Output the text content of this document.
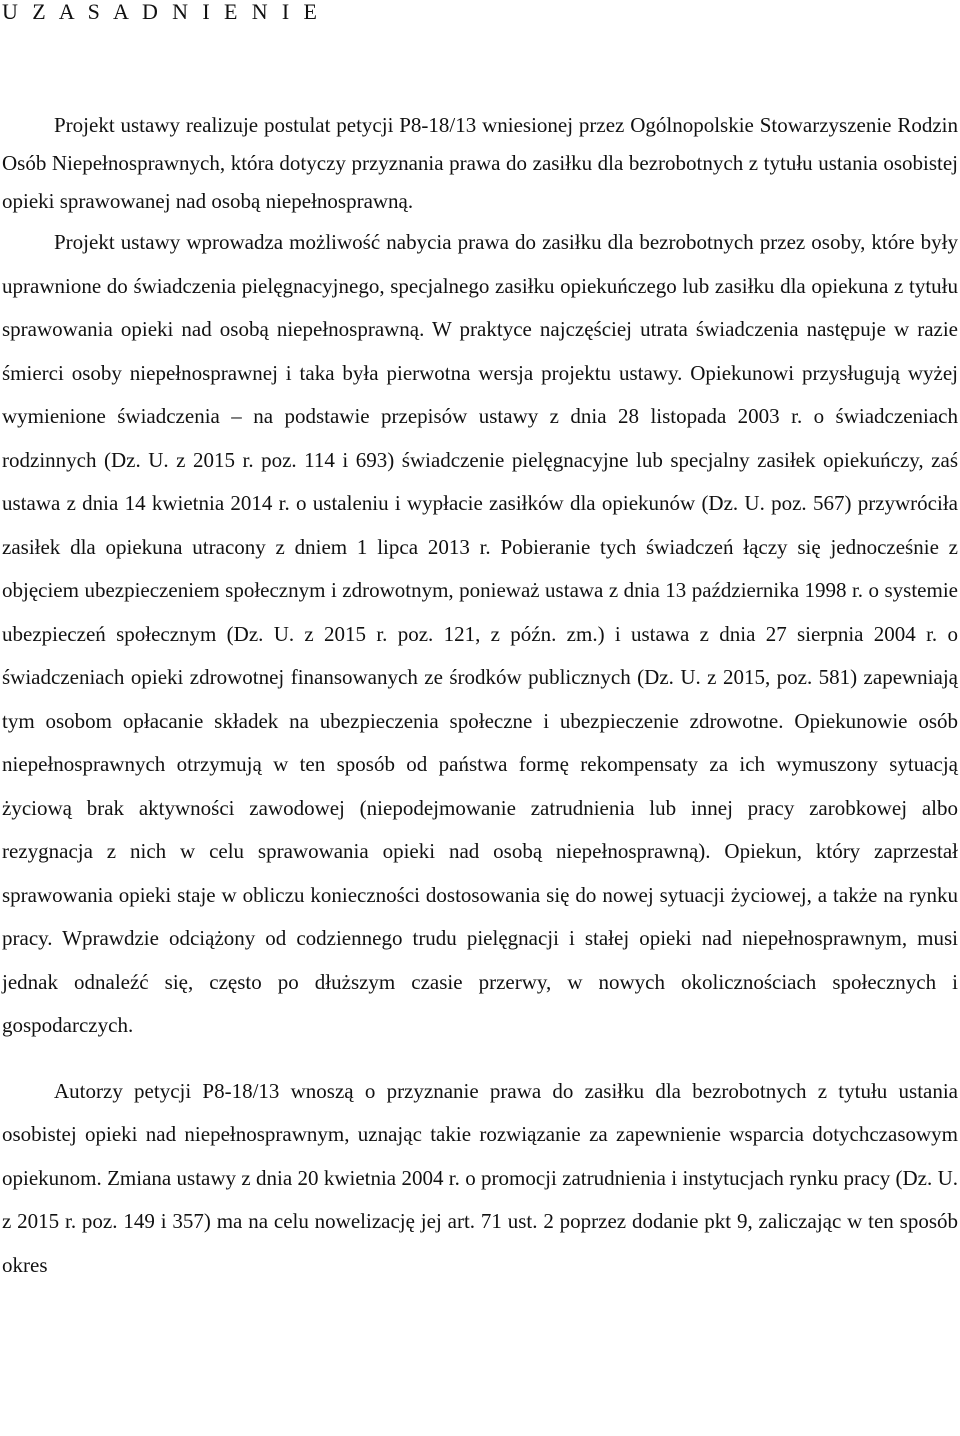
U Z A S A D N I E N I E

Projekt ustawy realizuje postulat petycji P8-18/13 wniesionej przez Ogólnopolskie Stowarzyszenie Rodzin Osób Niepełnosprawnych, która dotyczy przyznania prawa do zasiłku dla bezrobotnych z tytułu ustania osobistej opieki sprawowanej nad osobą niepełnosprawną.

Projekt ustawy wprowadza możliwość nabycia prawa do zasiłku dla bezrobotnych przez osoby, które były uprawnione do świadczenia pielęgnacyjnego, specjalnego zasiłku opiekuńczego lub zasiłku dla opiekuna z tytułu sprawowania opieki nad osobą niepełnosprawną. W praktyce najczęściej utrata świadczenia następuje w razie śmierci osoby niepełnosprawnej i taka była pierwotna wersja projektu ustawy. Opiekunowi przysługują wyżej wymienione świadczenia – na podstawie przepisów ustawy z dnia 28 listopada 2003 r. o świadczeniach rodzinnych (Dz. U. z 2015 r. poz. 114 i 693) świadczenie pielęgnacyjne lub specjalny zasiłek opiekuńczy, zaś ustawa z dnia 14 kwietnia 2014 r. o ustaleniu i wypłacie zasiłków dla opiekunów (Dz. U. poz. 567) przywróciła zasiłek dla opiekuna utracony z dniem 1 lipca 2013 r. Pobieranie tych świadczeń łączy się jednocześnie z objęciem ubezpieczeniem społecznym i zdrowotnym, ponieważ ustawa z dnia 13 października 1998 r. o systemie ubezpieczeń społecznym (Dz. U. z 2015 r. poz. 121, z późn. zm.) i ustawa z dnia 27 sierpnia 2004 r. o świadczeniach opieki zdrowotnej finansowanych ze środków publicznych (Dz. U. z 2015, poz. 581) zapewniają tym osobom opłacanie składek na ubezpieczenia społeczne i ubezpieczenie zdrowotne. Opiekunowie osób niepełnosprawnych otrzymują w ten sposób od państwa formę rekompensaty za ich wymuszony sytuacją życiową brak aktywności zawodowej (niepodejmowanie zatrudnienia lub innej pracy zarobkowej albo rezygnacja z nich w celu sprawowania opieki nad osobą niepełnosprawną). Opiekun, który zaprzestał sprawowania opieki staje w obliczu konieczności dostosowania się do nowej sytuacji życiowej, a także na rynku pracy. Wprawdzie odciążony od codziennego trudu pielęgnacji i stałej opieki nad niepełnosprawnym, musi jednak odnaleźć się, często po dłuższym czasie przerwy, w nowych okolicznościach społecznych i gospodarczych.

Autorzy petycji P8-18/13 wnoszą o przyznanie prawa do zasiłku dla bezrobotnych z tytułu ustania osobistej opieki nad niepełnosprawnym, uznając takie rozwiązanie za zapewnienie wsparcia dotychczasowym opiekunom. Zmiana ustawy z dnia 20 kwietnia 2004 r. o promocji zatrudnienia i instytucjach rynku pracy (Dz. U. z 2015 r. poz. 149 i 357) ma na celu nowelizację jej art. 71 ust. 2 poprzez dodanie pkt 9, zaliczając w ten sposób okres
